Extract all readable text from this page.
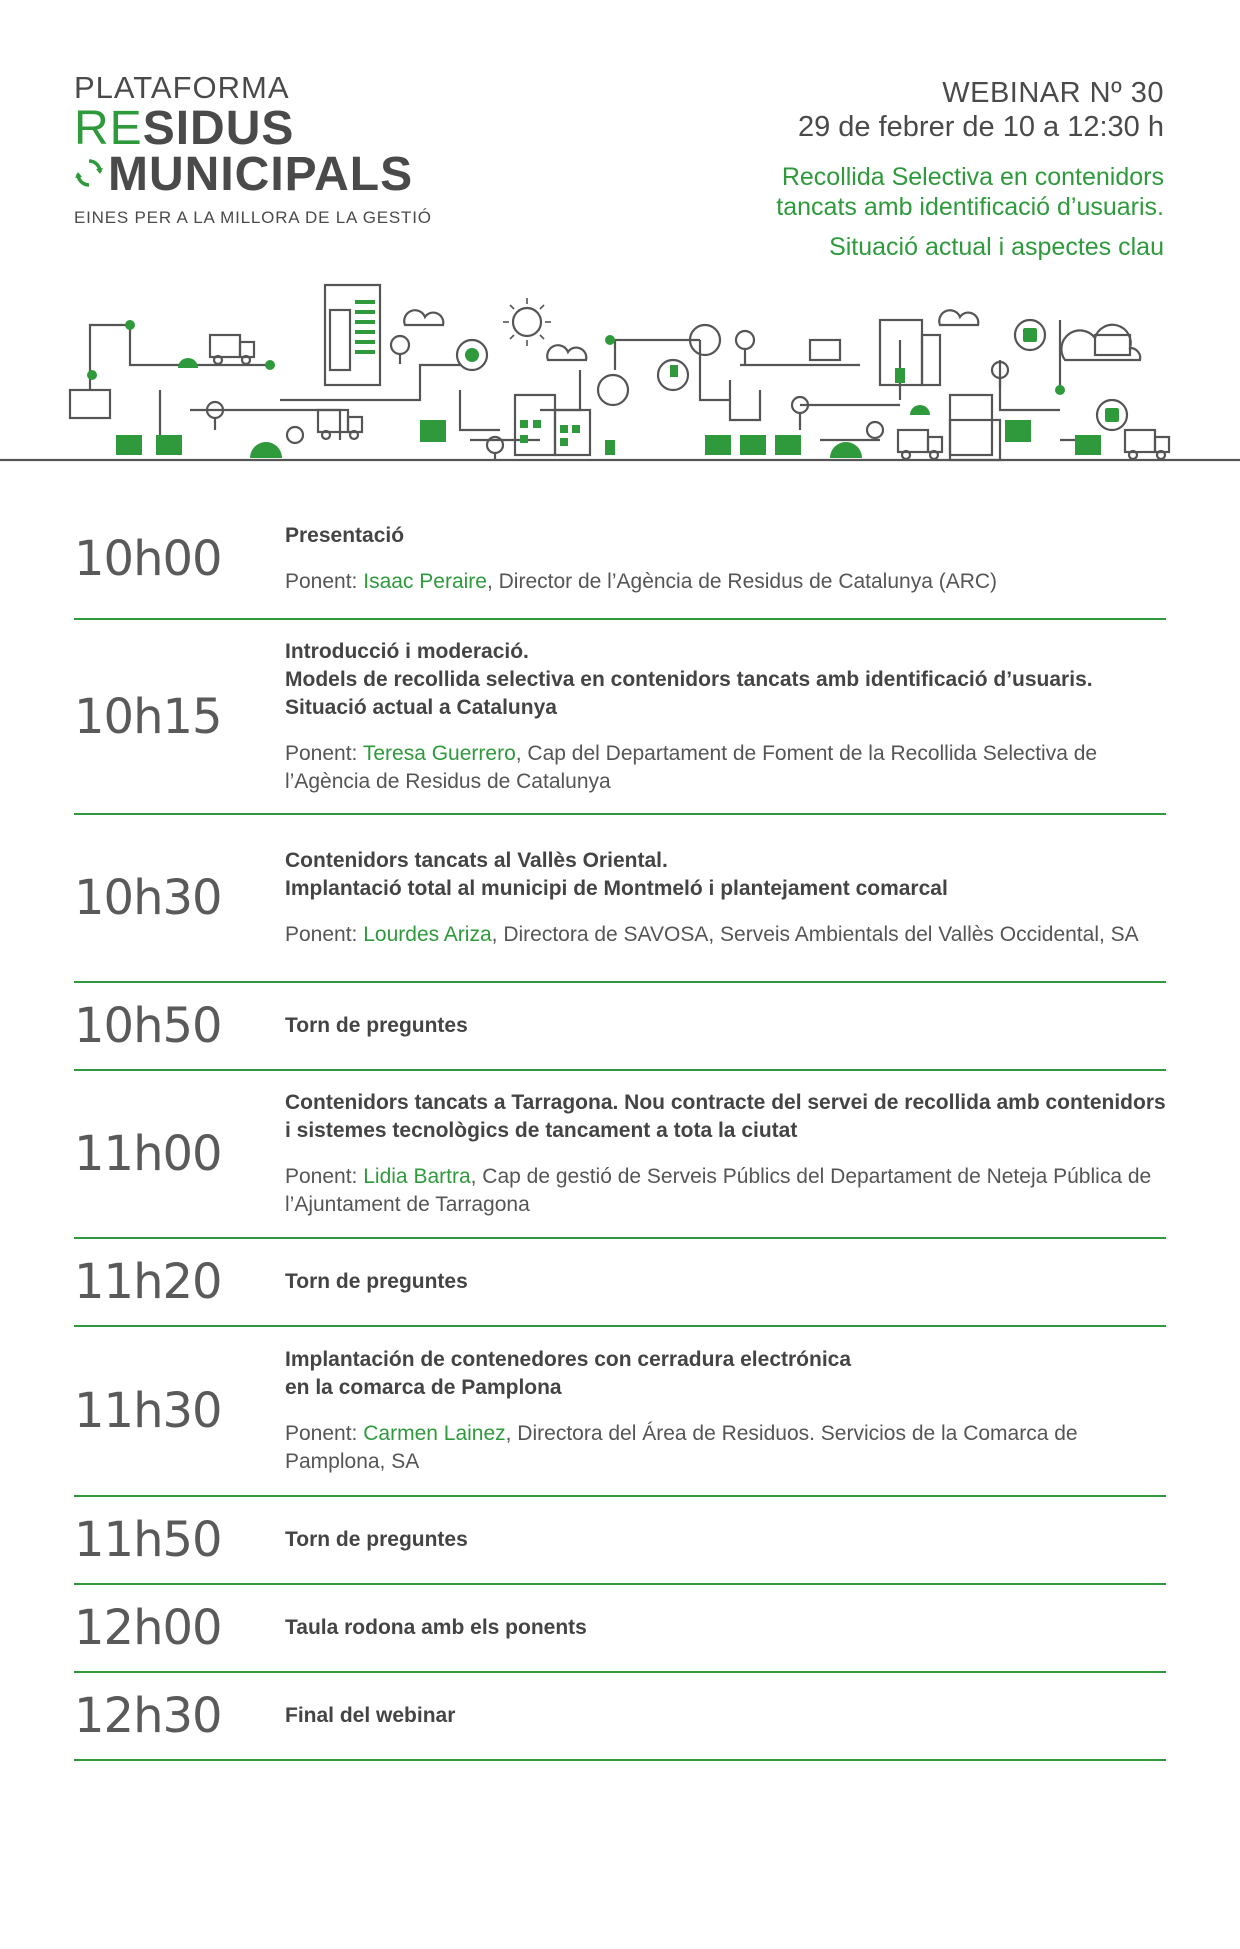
PLATAFORMA
RESIDUS
MUNICIPALS
EINES PER A LA MILLORA DE LA GESTIÓ
WEBINAR Nº 30
29 de febrer de 10 a 12:30 h
Recollida Selectiva en contenidors
tancats amb identificació d’usuaris.
Situació actual i aspectes clau
10h00	Presentació
Ponent: Isaac Peraire, Director de l’Agència de Residus de Catalunya (ARC)
10h15
Introducció i moderació.
Models de recollida selectiva en contenidors tancats amb identificació d’usuaris. Situació actual a Catalunya
Ponent: Teresa Guerrero, Cap del Departament de Foment de la Recollida Selectiva de l’Agència de Residus de Catalunya
10h30
Contenidors tancats al Vallès Oriental.
Implantació total al municipi de Montmeló i plantejament comarcal
Ponent: Lourdes Ariza, Directora de SAVOSA, Serveis Ambientals del Vallès Occidental, SA
10h50	Torn de preguntes
11h00
Contenidors tancats a Tarragona. Nou contracte del servei de recollida amb contenidors i sistemes tecnològics de tancament a tota la ciutat
Ponent: Lidia Bartra, Cap de gestió de Serveis Públics del Departament de Neteja Pública de l’Ajuntament de Tarragona
11h20	Torn de preguntes
11h30
Implantación de contenedores con cerradura electrónica
en la comarca de Pamplona
Ponent: Carmen Lainez, Directora del Área de Residuos. Servicios de la Comarca de Pamplona, SA
11h50	Torn de preguntes
12h00	Taula rodona amb els ponents
12h30	Final del webinar
